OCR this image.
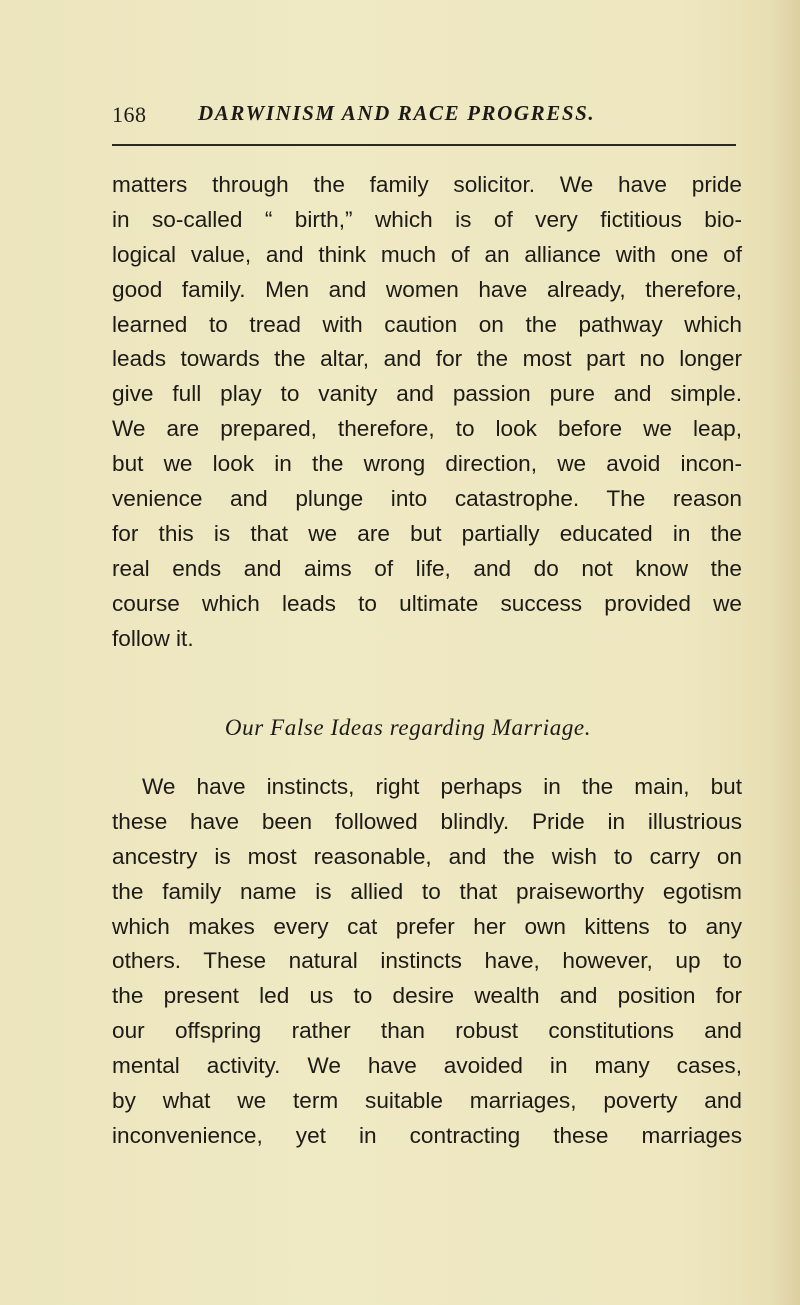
168 DARWINISM AND RACE PROGRESS.
matters through the family solicitor. We have pride
in so-called “ birth,” which is of very fictitious bio-
logical value, and think much of an alliance with one of
good family. Men and women have already, therefore,
learned to tread with caution on the pathway which
leads towards the altar, and for the most part no longer
give full play to vanity and passion pure and simple.
We are prepared, therefore, to look before we leap,
but we look in the wrong direction, we avoid incon-
venience and plunge into catastrophe. The reason
for this is that we are but partially educated in the
real ends and aims of life, and do not know the
course which leads to ultimate success provided we
follow it.
Our False Ideas regarding Marriage.
We have instincts, right perhaps in the main, but
these have been followed blindly. Pride in illustrious
ancestry is most reasonable, and the wish to carry on
the family name is allied to that praiseworthy egotism
which makes every cat prefer her own kittens to any
others. These natural instincts have, however, up to
the present led us to desire wealth and position for
our offspring rather than robust constitutions and
mental activity. We have avoided in many cases,
by what we term suitable marriages, poverty and
inconvenience, yet in contracting these marriages
